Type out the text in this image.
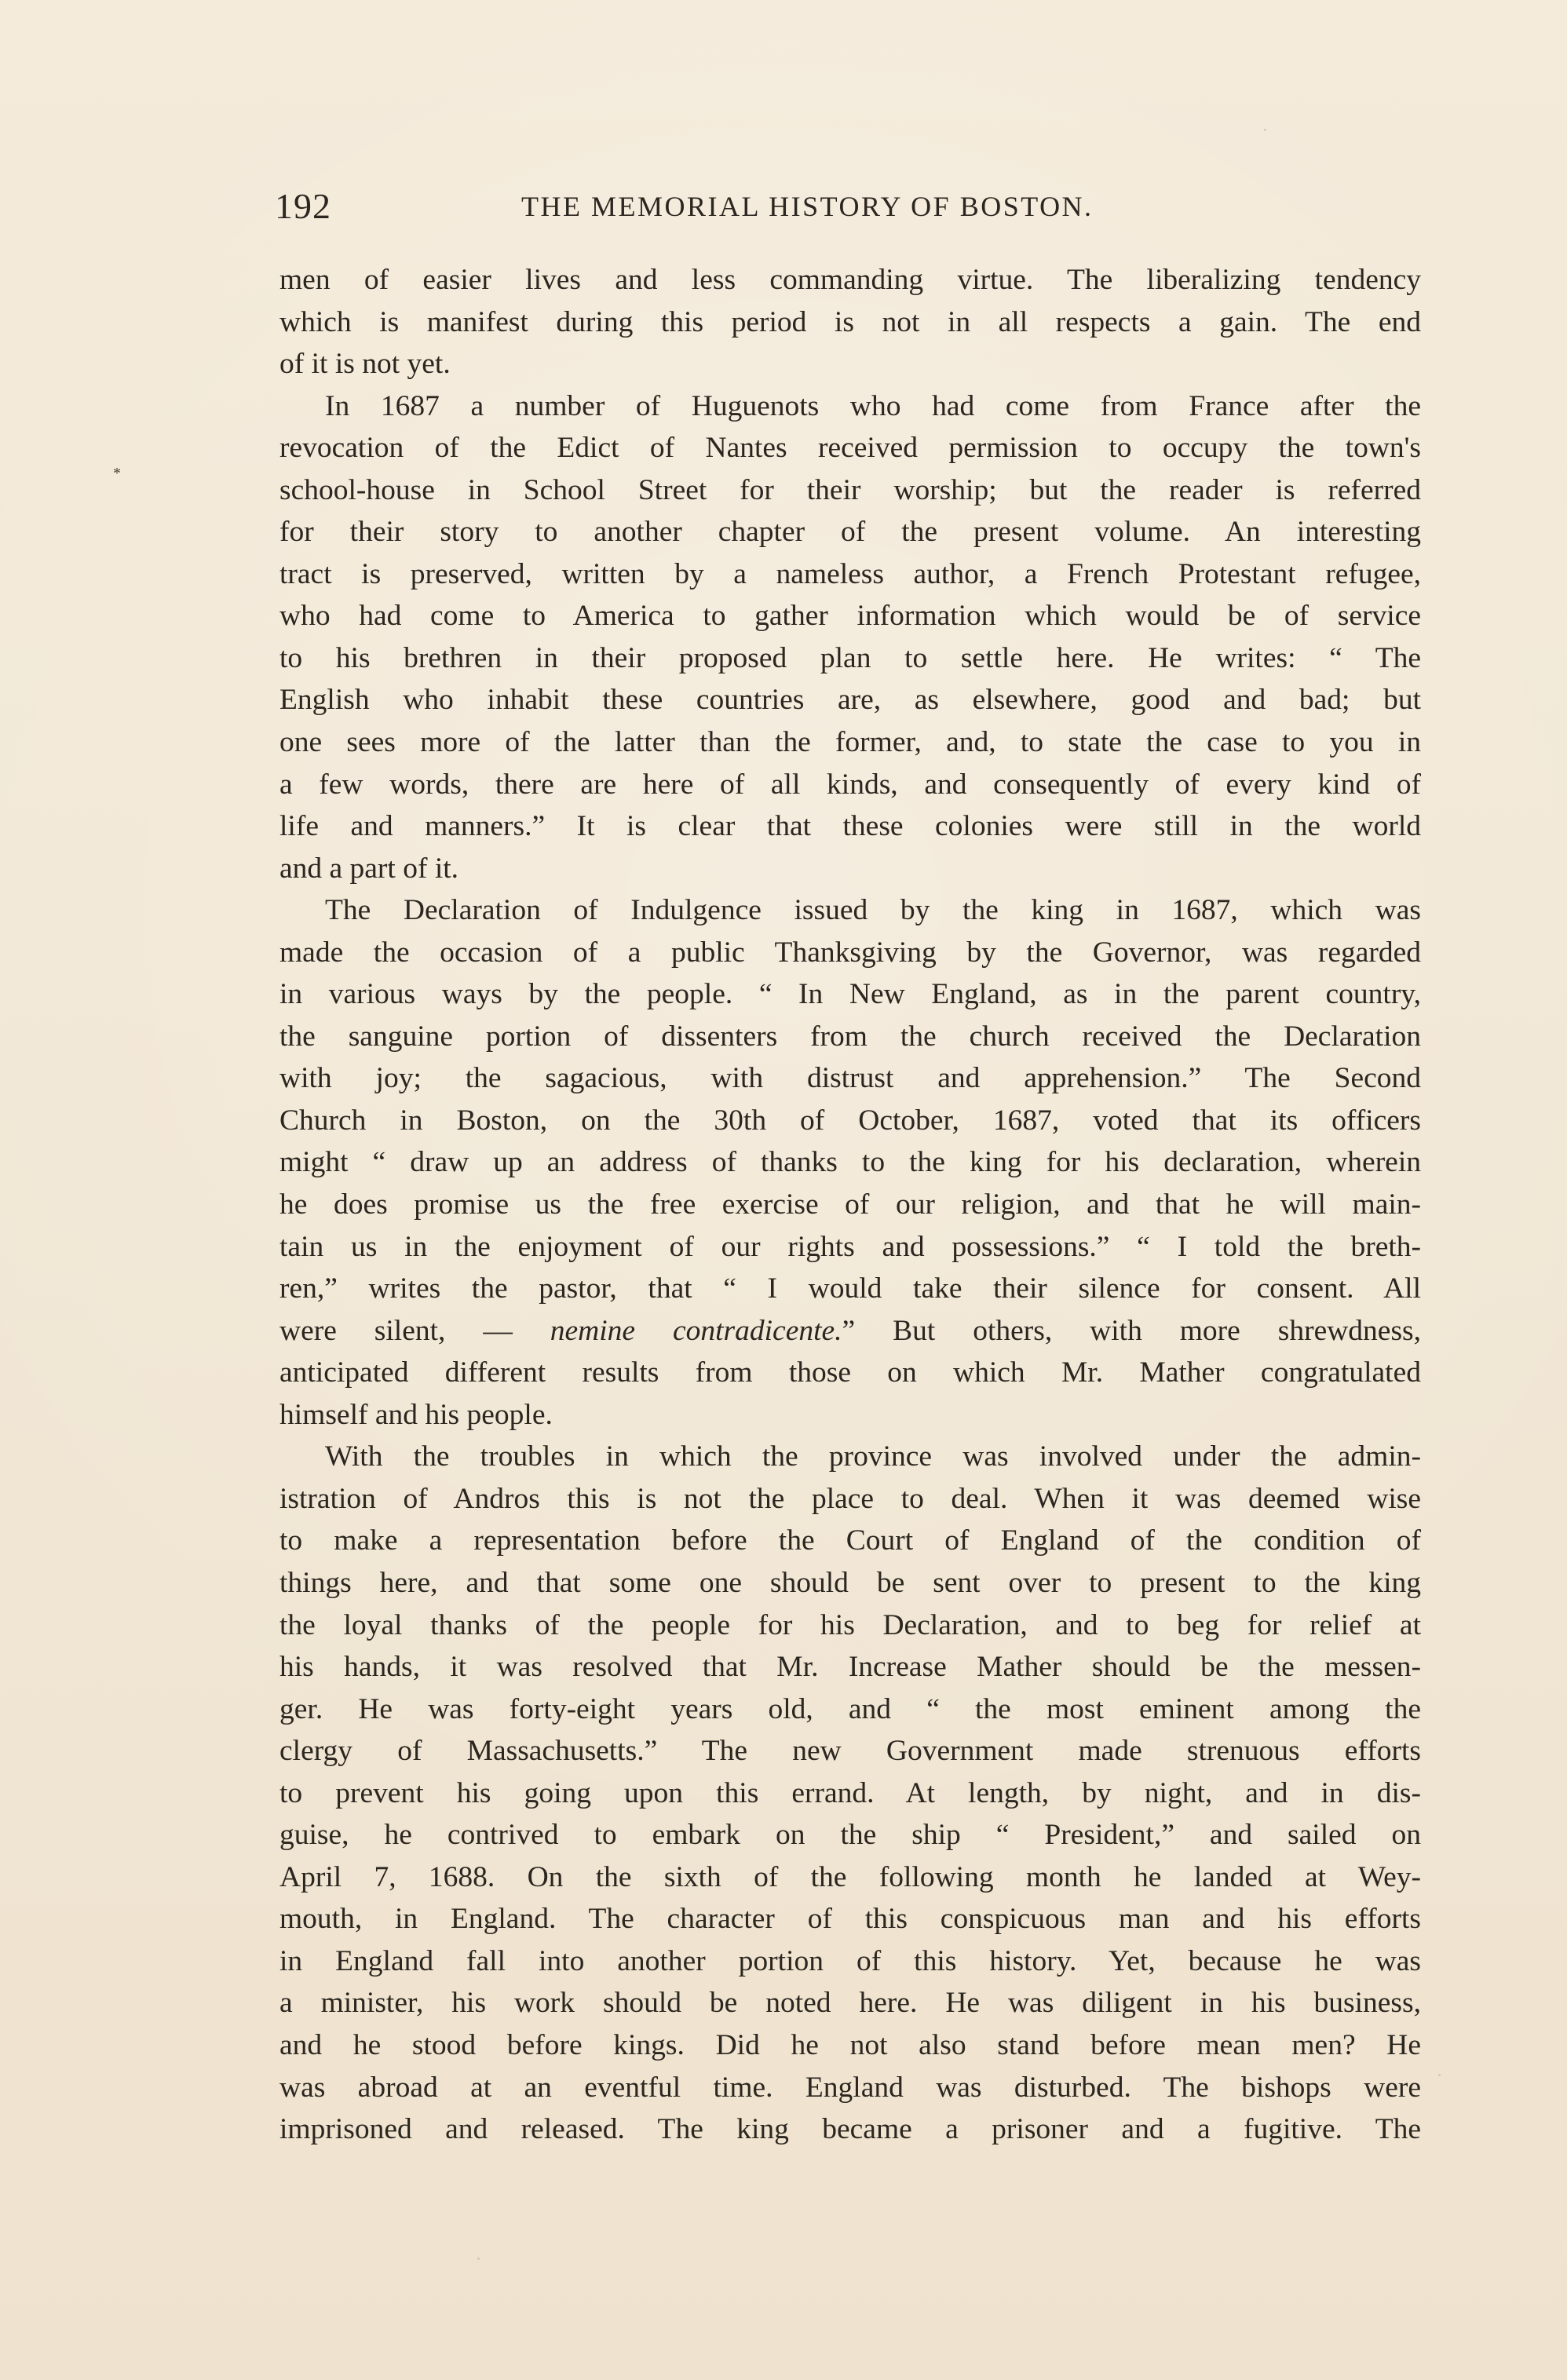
*
192	THE MEMORIAL HISTORY OF BOSTON.
men of easier lives and less commanding virtue. The liberalizing tendency
which is manifest during this period is not in all respects a gain. The end
of it is not yet.
In 1687 a number of Huguenots who had come from France after the
revocation of the Edict of Nantes received permission to occupy the town's
school-house in School Street for their worship; but the reader is referred
for their story to another chapter of the present volume. An interesting
tract is preserved, written by a nameless author, a French Protestant refugee,
who had come to America to gather information which would be of service
to his brethren in their proposed plan to settle here. He writes: “ The
English who inhabit these countries are, as elsewhere, good and bad; but
one sees more of the latter than the former, and, to state the case to you in
a few words, there are here of all kinds, and consequently of every kind of
life and manners.” It is clear that these colonies were still in the world
and a part of it.
The Declaration of Indulgence issued by the king in 1687, which was
made the occasion of a public Thanksgiving by the Governor, was regarded
in various ways by the people. “ In New England, as in the parent country,
the sanguine portion of dissenters from the church received the Declaration
with joy; the sagacious, with distrust and apprehension.” The Second
Church in Boston, on the 30th of October, 1687, voted that its officers
might “ draw up an address of thanks to the king for his declaration, wherein
he does promise us the free exercise of our religion, and that he will main-
tain us in the enjoyment of our rights and possessions.” “ I told the breth-
ren,” writes the pastor, that “ I would take their silence for consent. All
were silent, — nemine contradicente.” But others, with more shrewdness,
anticipated different results from those on which Mr. Mather congratulated
himself and his people.
With the troubles in which the province was involved under the admin-
istration of Andros this is not the place to deal. When it was deemed wise
to make a representation before the Court of England of the condition of
things here, and that some one should be sent over to present to the king
the loyal thanks of the people for his Declaration, and to beg for relief at
his hands, it was resolved that Mr. Increase Mather should be the messen-
ger. He was forty-eight years old, and “ the most eminent among the
clergy of Massachusetts.” The new Government made strenuous efforts
to prevent his going upon this errand. At length, by night, and in dis-
guise, he contrived to embark on the ship “ President,” and sailed on
April 7, 1688. On the sixth of the following month he landed at Wey-
mouth, in England. The character of this conspicuous man and his efforts
in England fall into another portion of this history. Yet, because he was
a minister, his work should be noted here. He was diligent in his business,
and he stood before kings. Did he not also stand before mean men? He
was abroad at an eventful time. England was disturbed. The bishops were
imprisoned and released. The king became a prisoner and a fugitive. The
